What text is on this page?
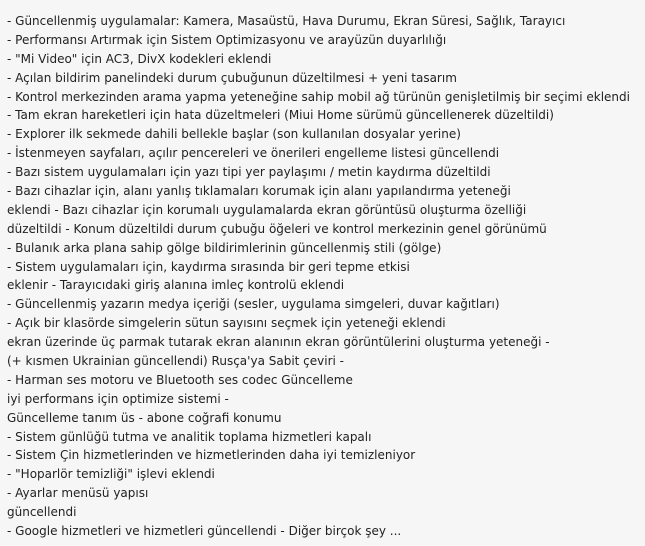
- Güncellenmiş uygulamalar: Kamera, Masaüstü, Hava Durumu, Ekran Süresi, Sağlık, Tarayıcı
- Performansı Artırmak için Sistem Optimizasyonu ve arayüzün duyarlılığı
- "Mi Video" için AC3, DivX kodekleri eklendi
- Açılan bildirim panelindeki durum çubuğunun düzeltilmesi + yeni tasarım
- Kontrol merkezinden arama yapma yeteneğine sahip mobil ağ türünün genişletilmiş bir seçimi eklendi
- Tam ekran hareketleri için hata düzeltmeleri (Miui Home sürümü güncellenerek düzeltildi)
- Explorer ilk sekmede dahili bellekle başlar (son kullanılan dosyalar yerine)
- İstenmeyen sayfaları, açılır pencereleri ve önerileri engelleme listesi güncellendi
- Bazı sistem uygulamaları için yazı tipi yer paylaşımı / metin kaydırma düzeltildi
- Bazı cihazlar için, alanı yanlış tıklamaları korumak için alanı yapılandırma yeteneği
eklendi - Bazı cihazlar için korumalı uygulamalarda ekran görüntüsü oluşturma özelliği
düzeltildi - Konum düzeltildi durum çubuğu öğeleri ve kontrol merkezinin genel görünümü
- Bulanık arka plana sahip gölge bildirimlerinin güncellenmiş stili (gölge)
- Sistem uygulamaları için, kaydırma sırasında bir geri tepme etkisi
eklenir - Tarayıcıdaki giriş alanına imleç kontrolü eklendi
- Güncellenmiş yazarın medya içeriği (sesler, uygulama simgeleri, duvar kağıtları)
- Açık bir klasörde simgelerin sütun sayısını seçmek için yeteneği eklendi
ekran üzerinde üç parmak tutarak ekran alanının ekran görüntülerini oluşturma yeteneği -
(+ kısmen Ukrainian güncellendi) Rusça'ya Sabit çeviri -
- Harman ses motoru ve Bluetooth ses codec Güncelleme
iyi performans için optimize sistemi -
Güncelleme tanım üs - abone coğrafi konumu
- Sistem günlüğü tutma ve analitik toplama hizmetleri kapalı
- Sistem Çin hizmetlerinden ve hizmetlerinden daha iyi temizleniyor
- "Hoparlör temizliği" işlevi eklendi
- Ayarlar menüsü yapısı
güncellendi
- Google hizmetleri ve hizmetleri güncellendi - Diğer birçok şey ...
